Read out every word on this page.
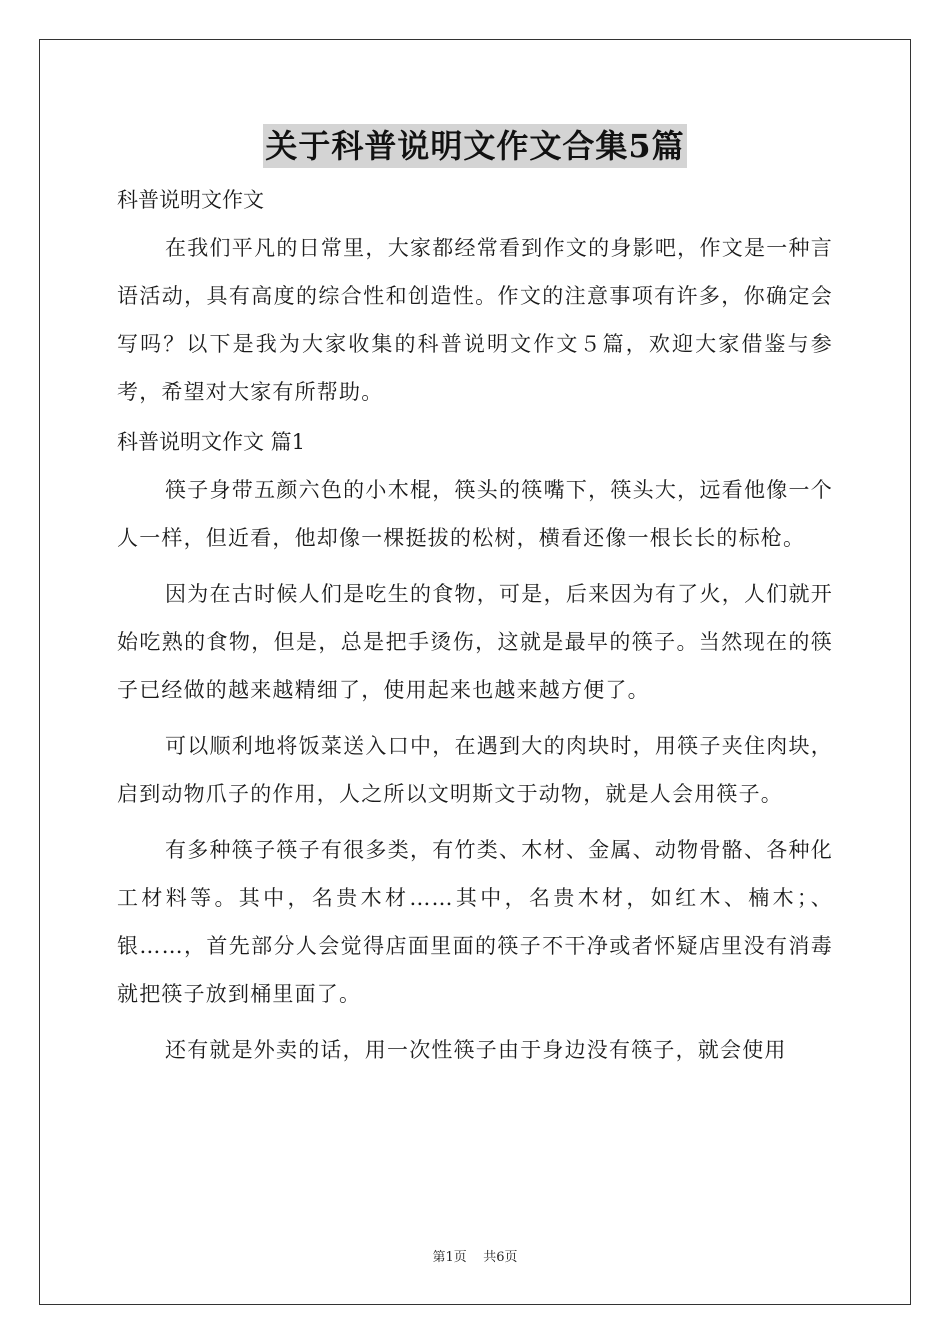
关于科普说明文作文合集5篇
科普说明文作文

在我们平凡的日常里，大家都经常看到作文的身影吧，作文是一种言语活动，具有高度的综合性和创造性。作文的注意事项有许多，你确定会写吗？以下是我为大家收集的科普说明文作文５篇，欢迎大家借鉴与参考，希望对大家有所帮助。

科普说明文作文 篇1

筷子身带五颜六色的小木棍，筷头的筷嘴下，筷头大，远看他像一个人一样，但近看，他却像一棵挺拔的松树，横看还像一根长长的标枪。

因为在古时候人们是吃生的食物，可是，后来因为有了火，人们就开始吃熟的食物，但是，总是把手烫伤，这就是最早的筷子。当然现在的筷子已经做的越来越精细了，使用起来也越来越方便了。

可以顺利地将饭菜送入口中，在遇到大的肉块时，用筷子夹住肉块，启到动物爪子的作用，人之所以文明斯文于动物，就是人会用筷子。

有多种筷子筷子有很多类，有竹类、木材、金属、动物骨骼、各种化工材料等。其中，名贵木材……其中，名贵木材，如红木、楠木；、银……，首先部分人会觉得店面里面的筷子不干净或者怀疑店里没有消毒就把筷子放到桶里面了。

还有就是外卖的话，用一次性筷子由于身边没有筷子，就会使用

第1页    共6页
